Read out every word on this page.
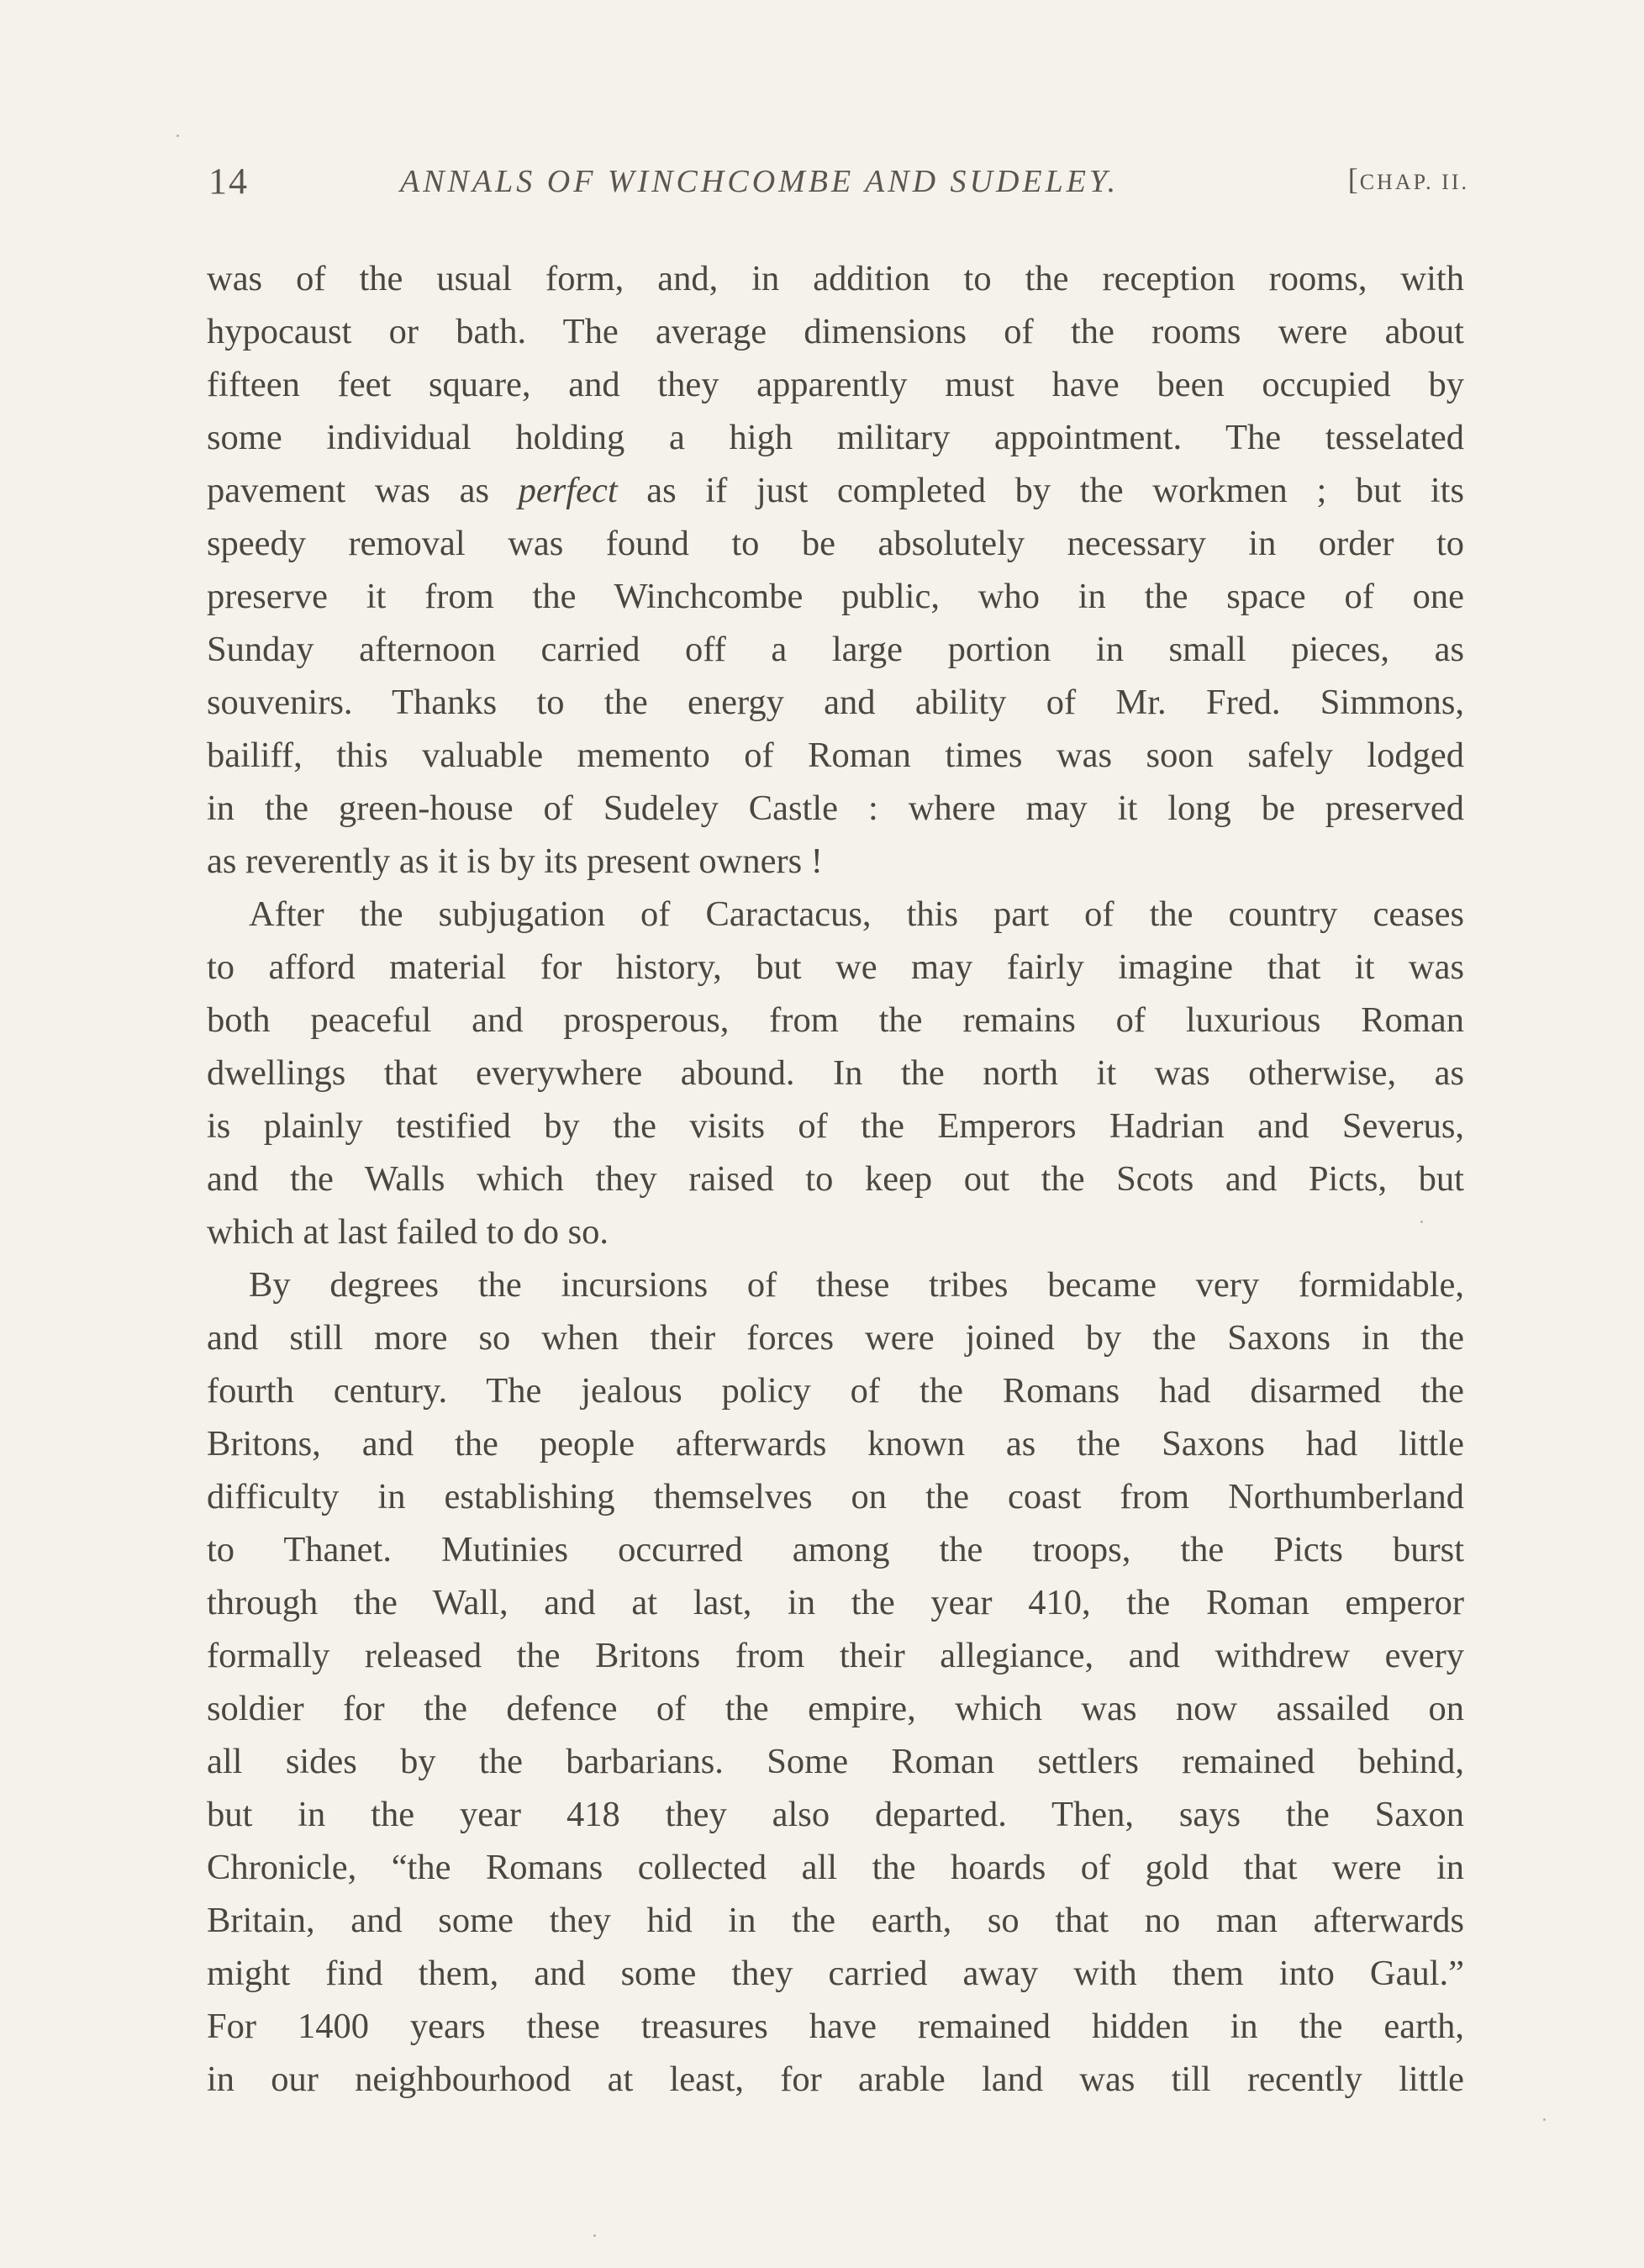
14	ANNALS OF WINCHCOMBE AND SUDELEY.	[CHAP. II.
was of the usual form, and, in addition to the reception rooms, with
hypocaust or bath. The average dimensions of the rooms were about
fifteen feet square, and they apparently must have been occupied by
some individual holding a high military appointment. The tesselated
pavement was as perfect as if just completed by the workmen ; but its
speedy removal was found to be absolutely necessary in order to
preserve it from the Winchcombe public, who in the space of one
Sunday afternoon carried off a large portion in small pieces, as
souvenirs. Thanks to the energy and ability of Mr. Fred. Simmons,
bailiff, this valuable memento of Roman times was soon safely lodged
in the green-house of Sudeley Castle : where may it long be preserved
as reverently as it is by its present owners !
After the subjugation of Caractacus, this part of the country ceases
to afford material for history, but we may fairly imagine that it was
both peaceful and prosperous, from the remains of luxurious Roman
dwellings that everywhere abound. In the north it was otherwise, as
is plainly testified by the visits of the Emperors Hadrian and Severus,
and the Walls which they raised to keep out the Scots and Picts, but
which at last failed to do so.
By degrees the incursions of these tribes became very formidable,
and still more so when their forces were joined by the Saxons in the
fourth century. The jealous policy of the Romans had disarmed the
Britons, and the people afterwards known as the Saxons had little
difficulty in establishing themselves on the coast from Northumberland
to Thanet. Mutinies occurred among the troops, the Picts burst
through the Wall, and at last, in the year 410, the Roman emperor
formally released the Britons from their allegiance, and withdrew every
soldier for the defence of the empire, which was now assailed on
all sides by the barbarians. Some Roman settlers remained behind,
but in the year 418 they also departed. Then, says the Saxon
Chronicle, “the Romans collected all the hoards of gold that were in
Britain, and some they hid in the earth, so that no man afterwards
might find them, and some they carried away with them into Gaul.”
For 1400 years these treasures have remained hidden in the earth,
in our neighbourhood at least, for arable land was till recently little
